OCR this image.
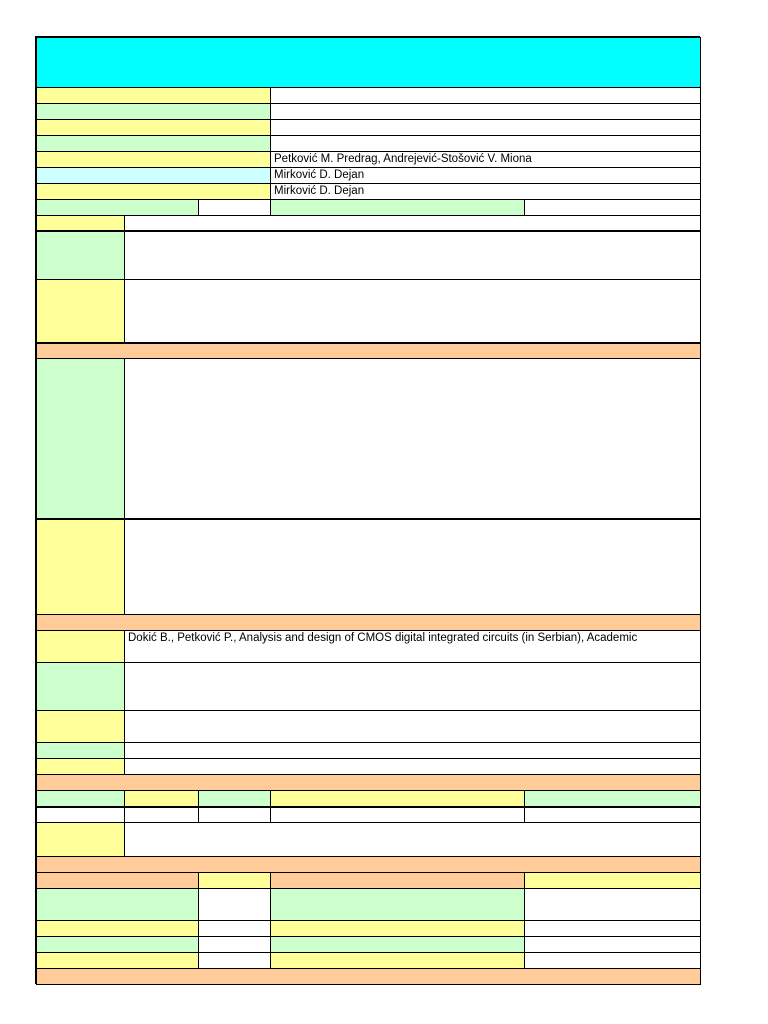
Petković M. Predrag, Andrejević-Stošović V. Miona
Mirković D. Dejan
Mirković D. Dejan
Dokić B., Petković P., Analysis and design of CMOS digital integrated circuits (in Serbian), Academic
